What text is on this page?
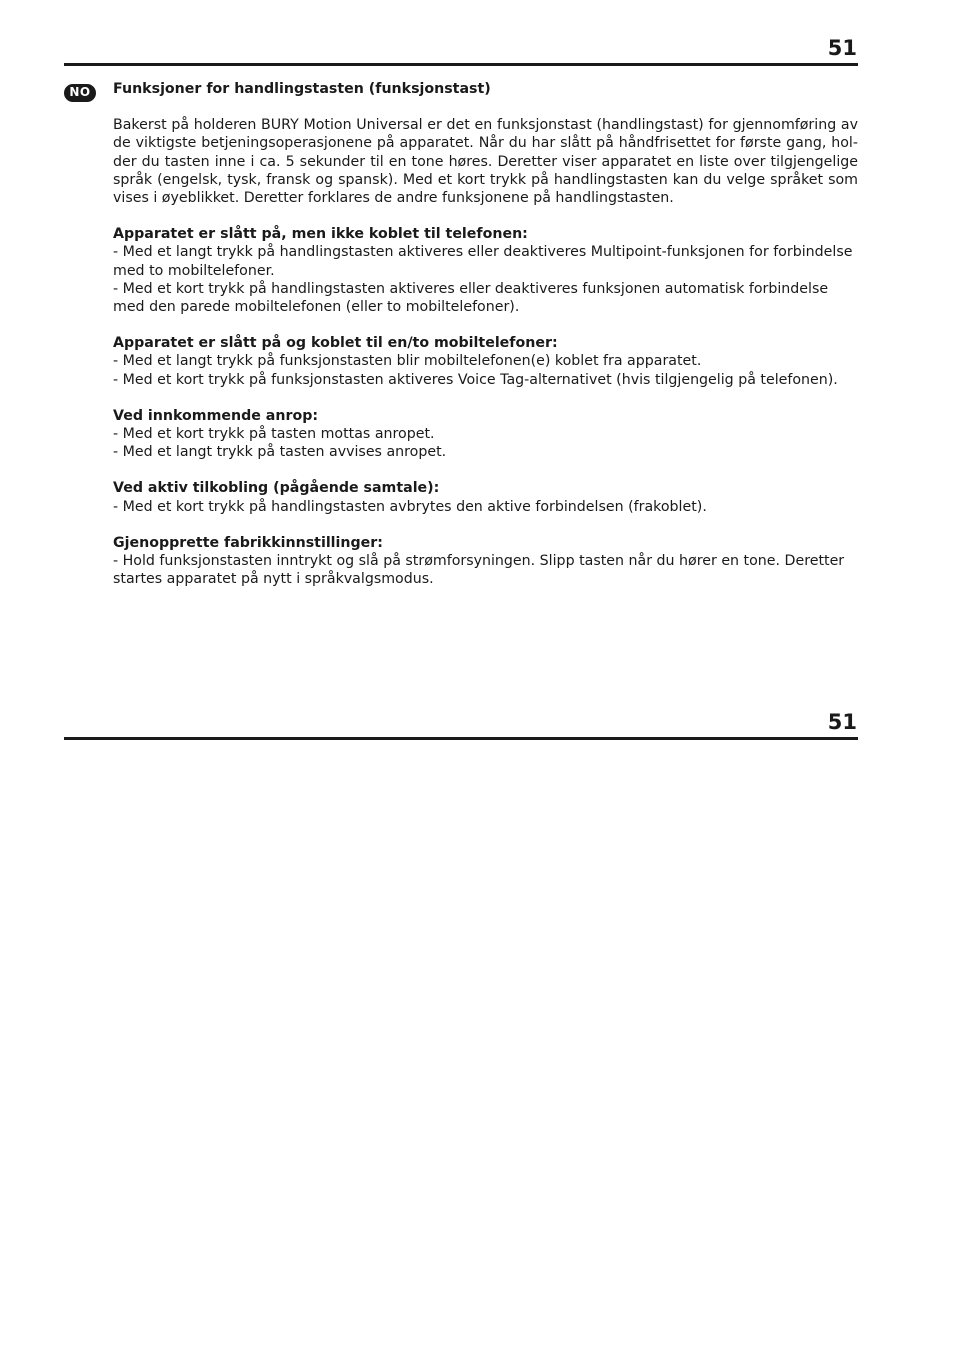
51
NO	Funksjoner for handlingstasten (funksjonstast)

Bakerst på holderen BURY Motion Universal er det en funksjonstast (handlingstast) for gjennomføring av de viktigste betjeningsoperasjonene på apparatet. Når du har slått på håndfrisettet for første gang, hol-der du tasten inne i ca. 5 sekunder til en tone høres. Deretter viser apparatet en liste over tilgjengelige språk (engelsk, tysk, fransk og spansk). Med et kort trykk på handlingstasten kan du velge språket som vises i øyeblikket. Deretter forklares de andre funksjonene på handlingstasten.

Apparatet er slått på, men ikke koblet til telefonen:

- Med et langt trykk på handlingstasten aktiveres eller deaktiveres Multipoint-funksjonen for forbindelse med to mobiltelefoner.

- Med et kort trykk på handlingstasten aktiveres eller deaktiveres funksjonen automatisk forbindelse med den parede mobiltelefonen (eller to mobiltelefoner).

Apparatet er slått på og koblet til en/to mobiltelefoner:

- Med et langt trykk på funksjonstasten blir mobiltelefonen(e) koblet fra apparatet.

- Med et kort trykk på funksjonstasten aktiveres Voice Tag-alternativet (hvis tilgjengelig på telefonen).

Ved innkommende anrop:

- Med et kort trykk på tasten mottas anropet.

- Med et langt trykk på tasten avvises anropet.

Ved aktiv tilkobling (pågående samtale):

- Med et kort trykk på handlingstasten avbrytes den aktive forbindelsen (frakoblet).

Gjenopprette fabrikkinnstillinger:

- Hold funksjonstasten inntrykt og slå på strømforsyningen. Slipp tasten når du hører en tone. Deretter startes apparatet på nytt i språkvalgsmodus.

51
